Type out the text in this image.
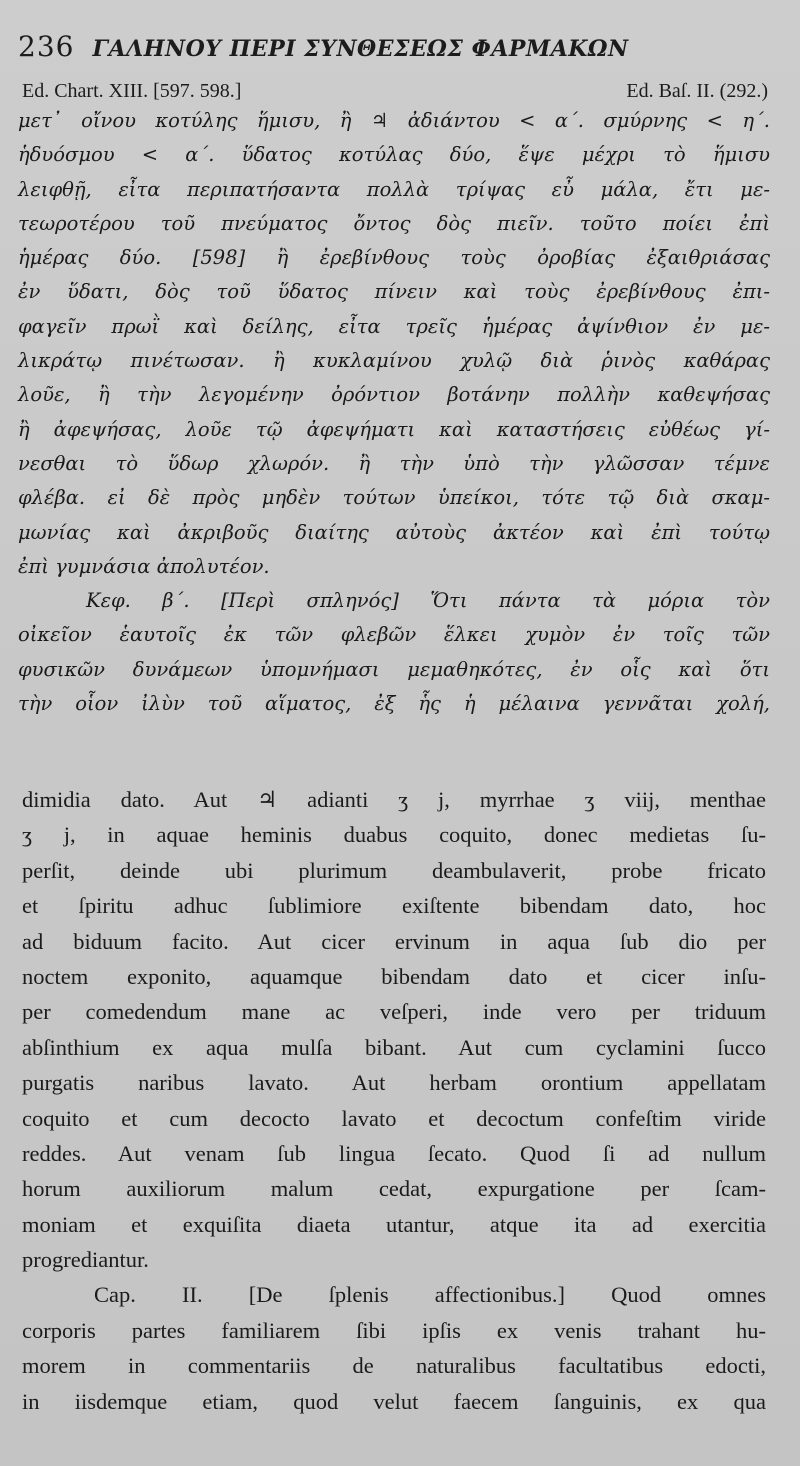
236 ΓΑΛΗΝΟΥ ΠΕΡΙ ΣΥΝΘΕΣΕΩΣ ΦΑΡΜΑΚΩΝ
Ed. Chart. XIII. [597. 598.]	Ed. Baſ. II. (292.)
μετ᾽ οἴνου κοτύλης ἥμισυ, ἢ ♃ ἀδιάντου < α΄. σμύρνης < η΄.
ἡδυόσμου < α΄. ὕδατος κοτύλας δύο, ἕψε μέχρι τὸ ἥμισυ
λειφθῇ, εἶτα περιπατήσαντα πολλὰ τρίψας εὖ μάλα, ἔτι με-
τεωροτέρου τοῦ πνεύματος ὄντος δὸς πιεῖν. τοῦτο ποίει ἐπὶ
ἡμέρας δύο. [598] ἢ ἐρεβίνθους τοὺς ὀροβίας ἐξαιθριάσας
ἐν ὕδατι, δὸς τοῦ ὕδατος πίνειν καὶ τοὺς ἐρεβίνθους ἐπι-
φαγεῖν πρωῒ καὶ δείλης, εἶτα τρεῖς ἡμέρας ἀψίνθιον ἐν με-
λικράτῳ πινέτωσαν. ἢ κυκλαμίνου χυλῷ διὰ ῥινὸς καθάρας
λοῦε, ἢ τὴν λεγομένην ὀρόντιον βοτάνην πολλὴν καθεψήσας
ἢ ἀφεψήσας, λοῦε τῷ ἀφεψήματι καὶ καταστήσεις εὐθέως γί-
νεσθαι τὸ ὕδωρ χλωρόν. ἢ τὴν ὑπὸ τὴν γλῶσσαν τέμνε
φλέβα. εἰ δὲ πρὸς μηδὲν τούτων ὑπείκοι, τότε τῷ διὰ σκαμ-
μωνίας καὶ ἀκριβοῦς διαίτης αὐτοὺς ἀκτέον καὶ ἐπὶ τούτῳ
ἐπὶ γυμνάσια ἀπολυτέον.
Κεφ. β΄. [Περὶ σπληνός] Ὅτι πάντα τὰ μόρια τὸν
οἰκεῖον ἑαυτοῖς ἐκ τῶν φλεβῶν ἕλκει χυμὸν ἐν τοῖς τῶν
φυσικῶν δυνάμεων ὑπομνήμασι μεμαθηκότες, ἐν οἷς καὶ ὅτι
τὴν οἷον ἰλὺν τοῦ αἵματος, ἐξ ἧς ἡ μέλαινα γεννᾶται χολή,
dimidia dato. Aut ♃ adianti ʒ j, myrrhae ʒ viij, menthae
ʒ j, in aquae heminis duabus coquito, donec medietas ſu-
perſit, deinde ubi plurimum deambulaverit, probe fricato
et ſpiritu adhuc ſublimiore exiſtente bibendam dato, hoc
ad biduum facito. Aut cicer ervinum in aqua ſub dio per
noctem exponito, aquamque bibendam dato et cicer inſu-
per comedendum mane ac veſperi, inde vero per triduum
abſinthium ex aqua mulſa bibant. Aut cum cyclamini ſucco
purgatis naribus lavato. Aut herbam orontium appellatam
coquito et cum decocto lavato et decoctum confeſtim viride
reddes. Aut venam ſub lingua ſecato. Quod ſi ad nullum
horum auxiliorum malum cedat, expurgatione per ſcam-
moniam et exquiſita diaeta utantur, atque ita ad exercitia
progrediantur.
Cap. II. [De ſplenis affectionibus.] Quod omnes
corporis partes familiarem ſibi ipſis ex venis trahant hu-
morem in commentariis de naturalibus facultatibus edocti,
in iisdemque etiam, quod velut faecem ſanguinis, ex qua
